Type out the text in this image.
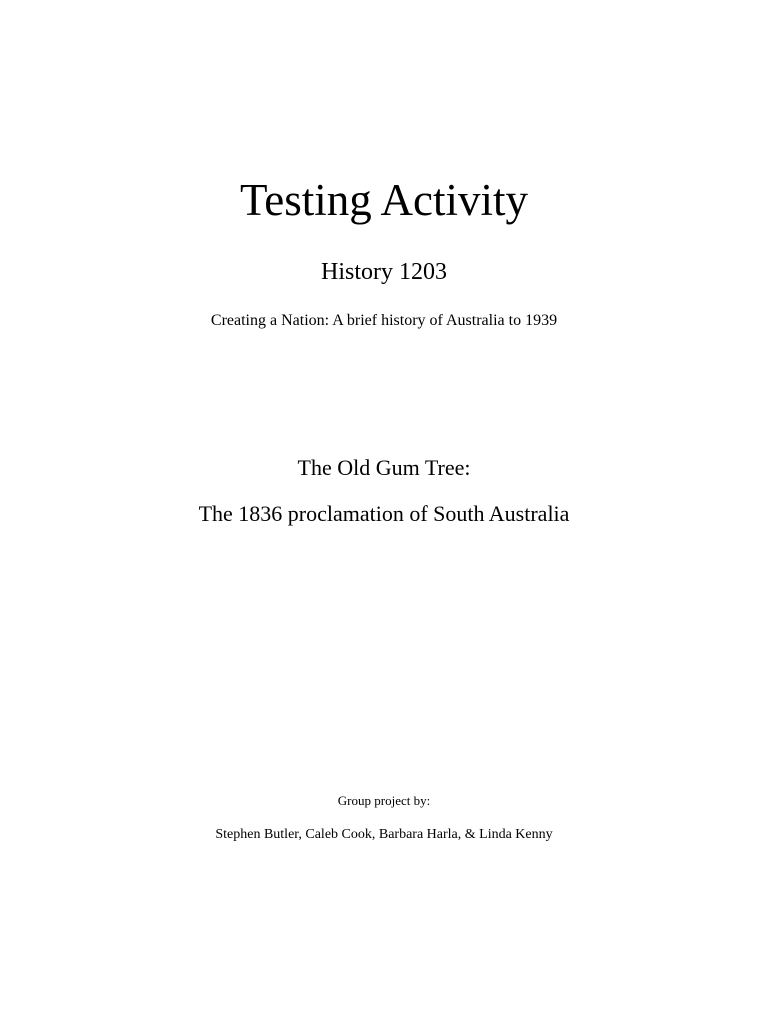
Testing Activity
History 1203
Creating a Nation: A brief history of Australia to 1939
The Old Gum Tree:
The 1836 proclamation of South Australia
Group project by:
Stephen Butler, Caleb Cook, Barbara Harla, & Linda Kenny
